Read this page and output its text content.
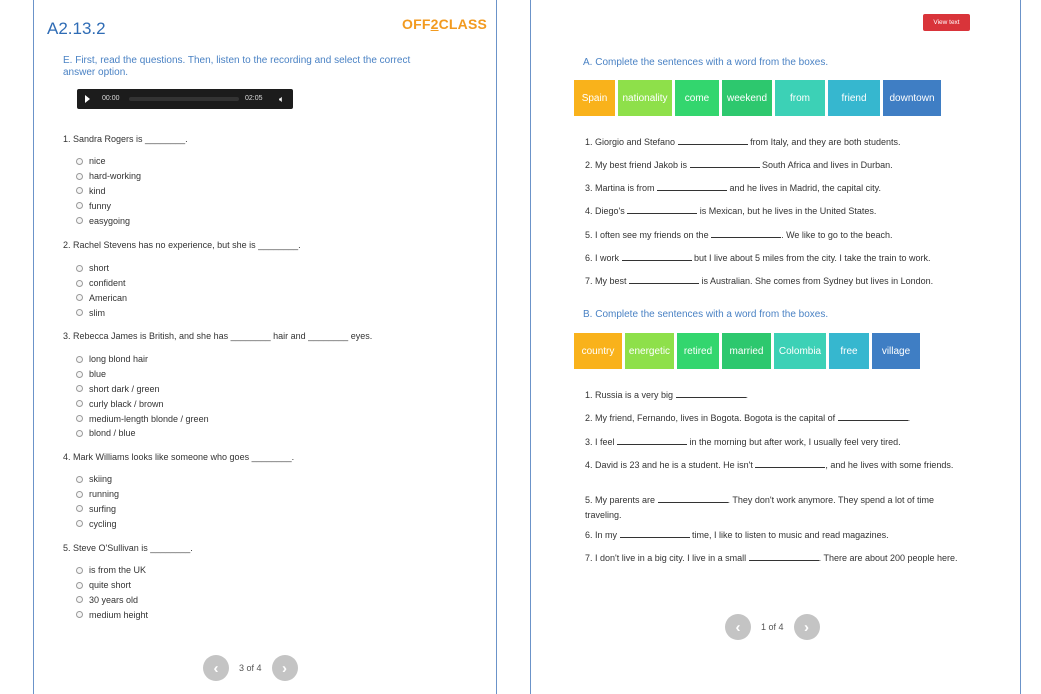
A2.13.2	OFF2CLASS
E. First, read the questions. Then, listen to the recording and select the correct answer option.
00:00	02:05 🔈︎
1. Sandra Rogers is ________.
nice
hard-working
kind
funny
easygoing
2. Rachel Stevens has no experience, but she is ________.
short
confident
American
slim
3. Rebecca James is British, and she has ________ hair and ________ eyes.
long blond hair
blue
short dark / green
curly black / brown
medium-length blonde / green
blond / blue
4. Mark Williams looks like someone who goes ________.
skiing
running
surfing
cycling
5. Steve O'Sullivan is ________.
is from the UK
quite short
30 years old
medium height
‹	3 of 4	›
View text
A. Complete the sentences with a word from the boxes.
Spain	nationality	come	weekend	from	friend	downtown
1. Giorgio and Stefano	from Italy, and they are both students.
2. My best friend Jakob is	South Africa and lives in Durban.
3. Martina is from	and he lives in Madrid, the capital city.
4. Diego's	is Mexican, but he lives in the United States.
5. I often see my friends on the	. We like to go to the beach.
6. I work	but I live about 5 miles from the city. I take the train to work.
7. My best	is Australian. She comes from Sydney but lives in London.
B. Complete the sentences with a word from the boxes.
country	energetic	retired	married	Colombia	free	village
1. Russia is a very big	.
2. My friend, Fernando, lives in Bogota. Bogota is the capital of	.
3. I feel	in the morning but after work, I usually feel very tired.
4. David is 23 and he is a student. He isn't	, and he lives with some friends.
5. My parents are	. They don't work anymore. They spend a lot of time traveling.
6. In my	time, I like to listen to music and read magazines.
7. I don't live in a big city. I live in a small	. There are about 200 people here.
‹	1 of 4	›
